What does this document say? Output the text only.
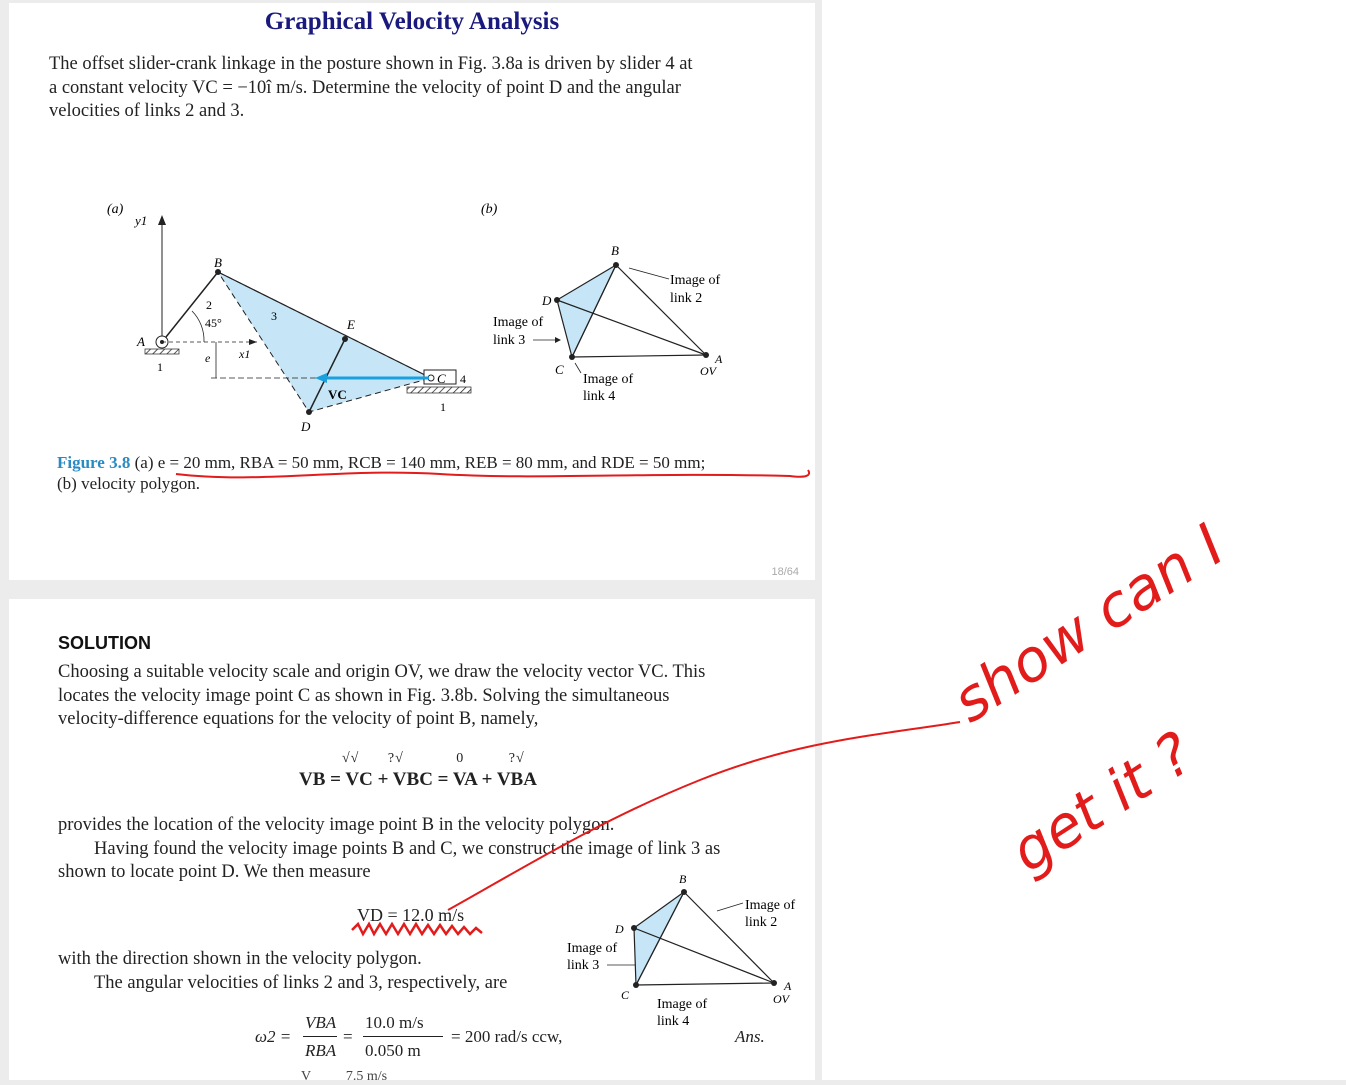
Graphical Velocity Analysis
The offset slider-crank linkage in the posture shown in Fig. 3.8a is driven by slider 4 at
a constant velocity VC = −10î m/s. Determine the velocity of point D and the angular
velocities of links 2 and 3.
(a)
y1
x1
e
A
B
C
D
E
1
2
3
4
1
45°
VC
(b)
B
D
C
A
OV
Image of
link 2
Image of
link 3
Image of
link 4
Figure 3.8 (a) e = 20 mm, RBA = 50 mm, RCB = 140 mm, REB = 80 mm, and RDE = 50 mm;
(b) velocity polygon.
18/64
SOLUTION
Choosing a suitable velocity scale and origin OV, we draw the velocity vector VC. This
locates the velocity image point C as shown in Fig. 3.8b. Solving the simultaneous
velocity-difference equations for the velocity of point B, namely,
√√ ?√	0	?√
VB = VC + VBC = VA + VBA
provides the location of the velocity image point B in the velocity polygon.
Having found the velocity image points B and C, we construct the image of link 3 as
shown to locate point D. We then measure
VD = 12.0 m/s
with the direction shown in the velocity polygon.
The angular velocities of links 2 and 3, respectively, are
ω2 =
VBA
RBA
=
10.0 m/s
0.050 m
= 200 rad/s ccw,	Ans.
V          7.5 m/s
B
D
C
A
OV
Image of
link 2
Image of
link 3
Image of
link 4
show can I
get it ?
